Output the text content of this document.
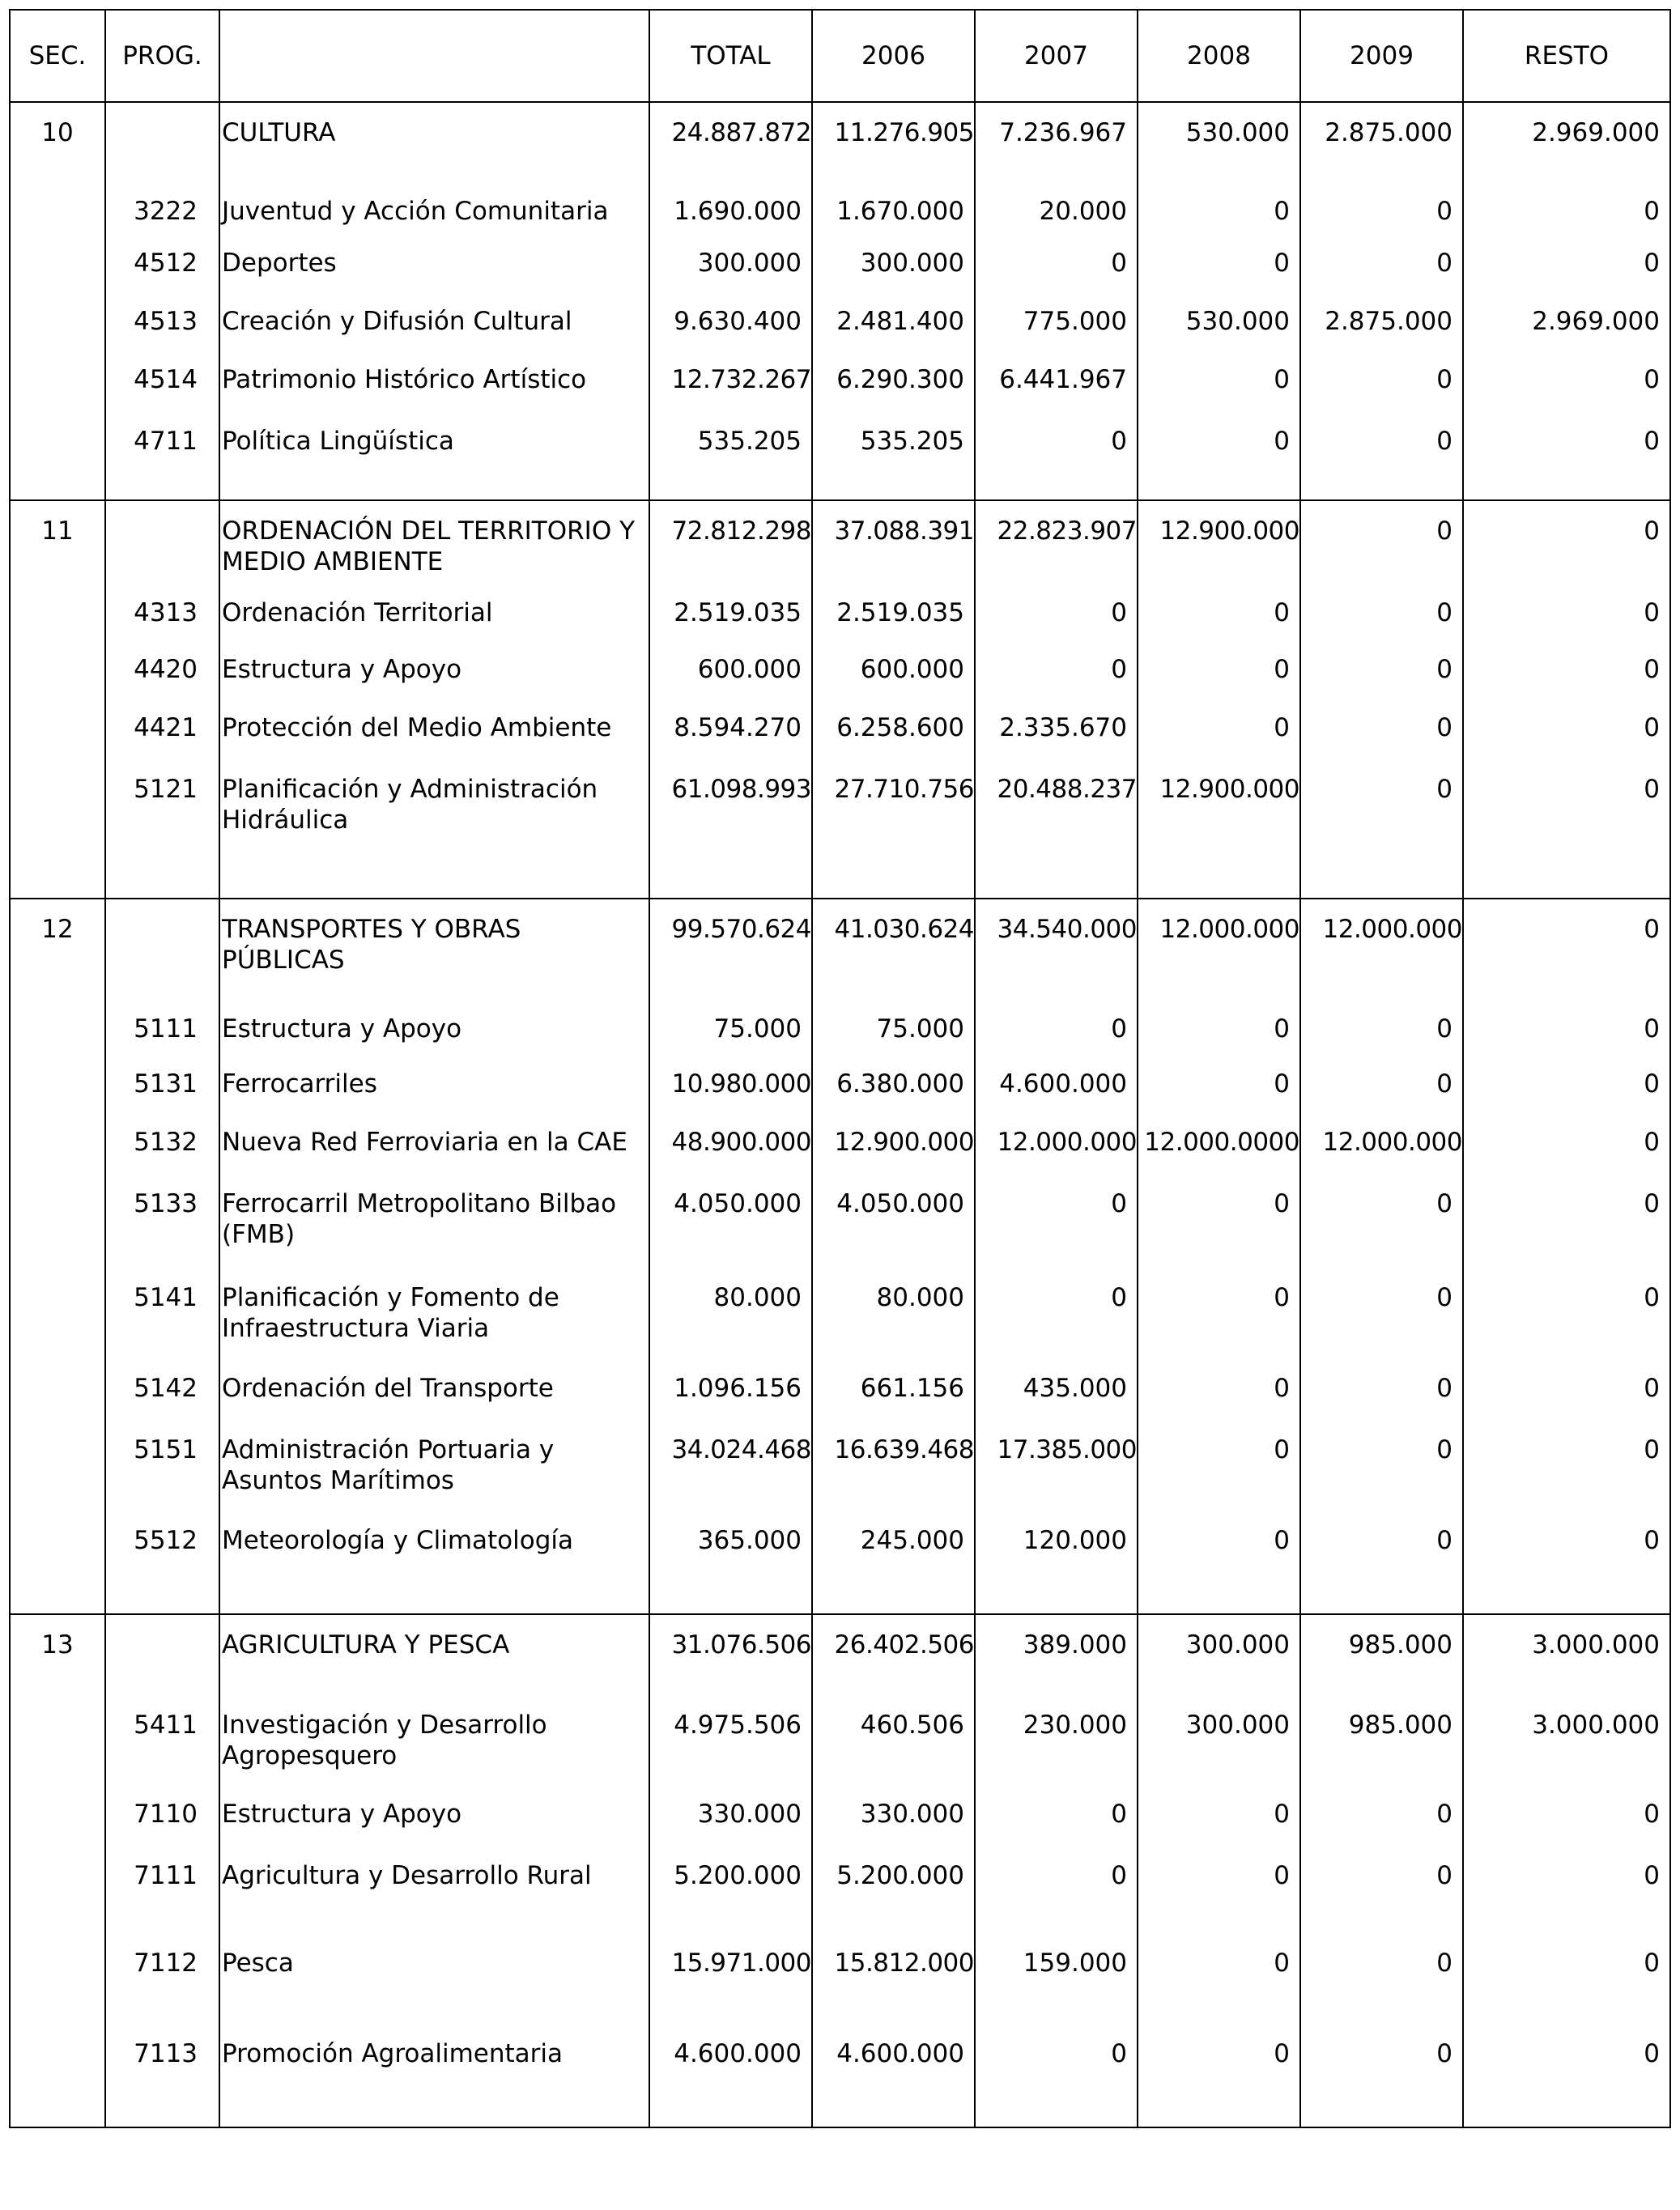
SEC.	PROG.		TOTAL	2006	2007	2008	2009	RESTO
10		CULTURA	24.887.872	11.276.905	7.236.967	530.000	2.875.000	2.969.000
	3222	Juventud y Acción Comunitaria	1.690.000	1.670.000	20.000	0	0	0
	4512	Deportes	300.000	300.000	0	0	0	0
	4513	Creación y Difusión Cultural	9.630.400	2.481.400	775.000	530.000	2.875.000	2.969.000
	4514	Patrimonio Histórico Artístico	12.732.267	6.290.300	6.441.967	0	0	0
	4711	Política Lingüística	535.205	535.205	0	0	0	0

11		ORDENACIÓN DEL TERRITORIO Y MEDIO AMBIENTE	72.812.298	37.088.391	22.823.907	12.900.000	0	0
	4313	Ordenación Territorial	2.519.035	2.519.035	0	0	0	0
	4420	Estructura y Apoyo	600.000	600.000	0	0	0	0
	4421	Protección del Medio Ambiente	8.594.270	6.258.600	2.335.670	0	0	0
	5121	Planificación y Administración Hidráulica	61.098.993	27.710.756	20.488.237	12.900.000	0	0

12		TRANSPORTES Y OBRAS PÚBLICAS	99.570.624	41.030.624	34.540.000	12.000.000	12.000.000	0
	5111	Estructura y Apoyo	75.000	75.000	0	0	0	0
	5131	Ferrocarriles	10.980.000	6.380.000	4.600.000	0	0	0
	5132	Nueva Red Ferroviaria en la CAE	48.900.000	12.900.000	12.000.000	12.000.0000	12.000.000	0
	5133	Ferrocarril Metropolitano Bilbao (FMB)	4.050.000	4.050.000	0	0	0	0
	5141	Planificación y Fomento de Infraestructura Viaria	80.000	80.000	0	0	0	0
	5142	Ordenación del Transporte	1.096.156	661.156	435.000	0	0	0
	5151	Administración Portuaria y Asuntos Marítimos	34.024.468	16.639.468	17.385.000	0	0	0
	5512	Meteorología y Climatología	365.000	245.000	120.000	0	0	0

13		AGRICULTURA Y PESCA	31.076.506	26.402.506	389.000	300.000	985.000	3.000.000
	5411	Investigación y Desarrollo Agropesquero	4.975.506	460.506	230.000	300.000	985.000	3.000.000
	7110	Estructura y Apoyo	330.000	330.000	0	0	0	0
	7111	Agricultura y Desarrollo Rural	5.200.000	5.200.000	0	0	0	0
	7112	Pesca	15.971.000	15.812.000	159.000	0	0	0
	7113	Promoción Agroalimentaria	4.600.000	4.600.000	0	0	0	0
